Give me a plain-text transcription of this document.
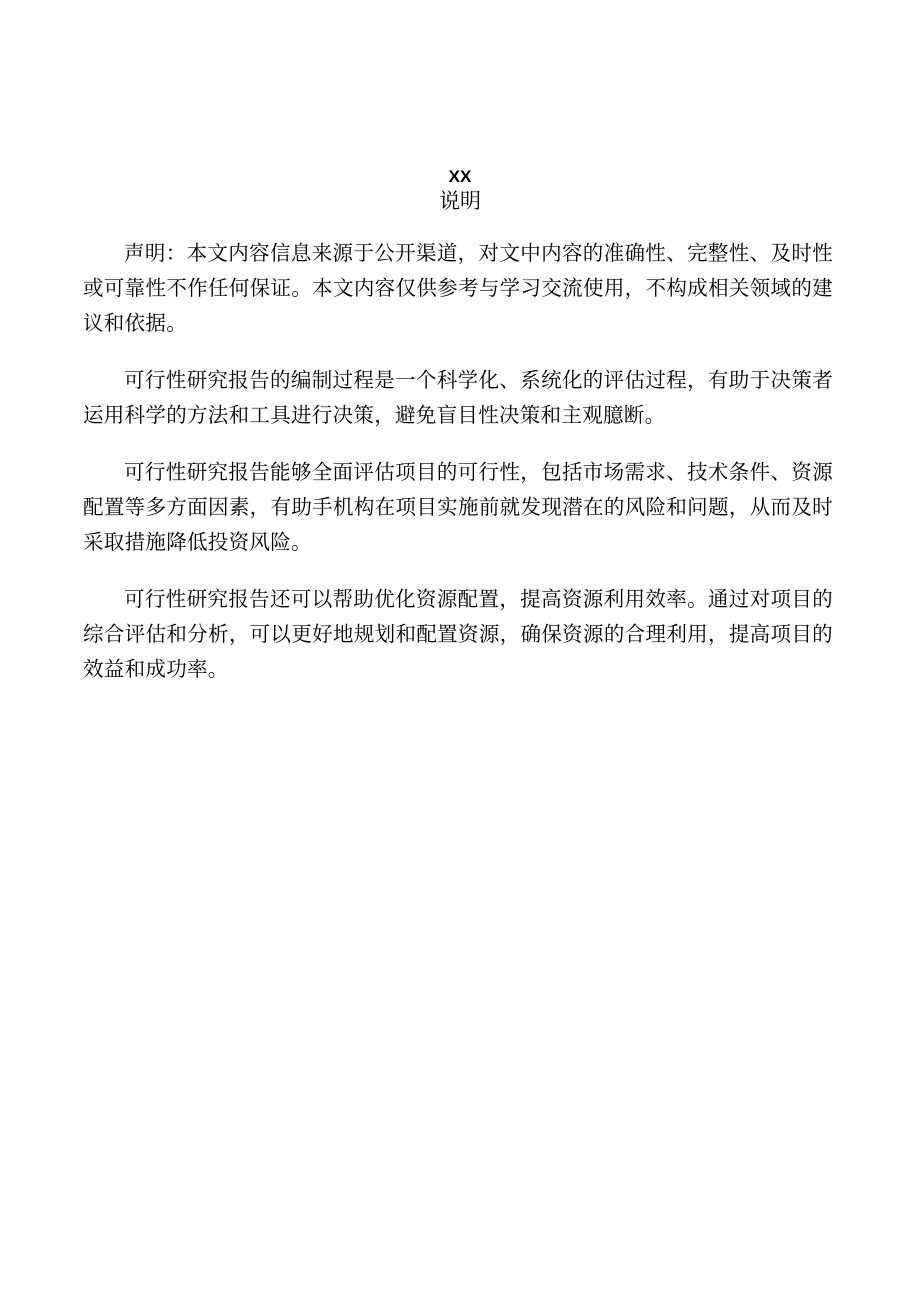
XX
说明

声明：本文内容信息来源于公开渠道，对文中内容的准确性、完整性、及时性或可靠性不作任何保证。本文内容仅供参考与学习交流使用，不构成相关领域的建议和依据。

可行性研究报告的编制过程是一个科学化、系统化的评估过程，有助于决策者运用科学的方法和工具进行决策，避免盲目性决策和主观臆断。

可行性研究报告能够全面评估项目的可行性，包括市场需求、技术条件、资源配置等多方面因素，有助手机构在项目实施前就发现潜在的风险和问题，从而及时采取措施降低投资风险。

可行性研究报告还可以帮助优化资源配置，提高资源利用效率。通过对项目的综合评估和分析，可以更好地规划和配置资源，确保资源的合理利用，提高项目的效益和成功率。
